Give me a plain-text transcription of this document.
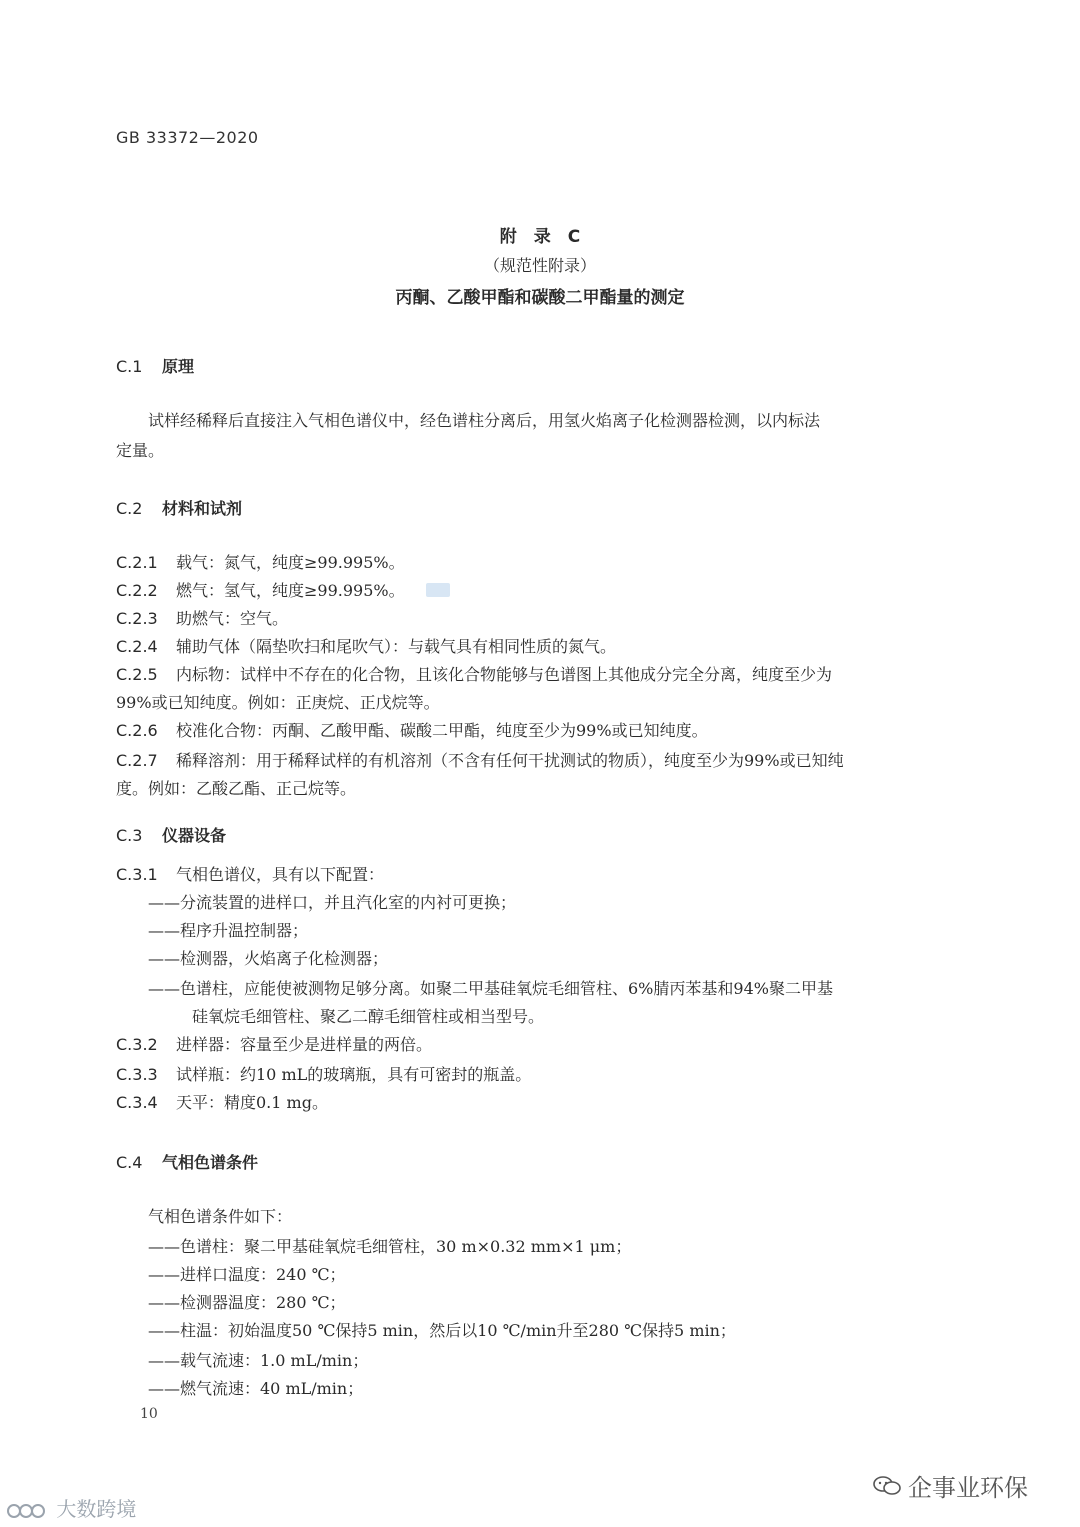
GB 33372—2020
附　录　C
（规范性附录）
丙酮、乙酸甲酯和碳酸二甲酯量的测定
C.1 原理
试样经稀释后直接注入气相色谱仪中，经色谱柱分离后，用氢火焰离子化检测器检测，以内标法
定量。
C.2 材料和试剂
C.2.1 载气：氮气，纯度≥99.995%。
C.2.2 燃气：氢气，纯度≥99.995%。
C.2.3 助燃气：空气。
C.2.4 辅助气体（隔垫吹扫和尾吹气）：与载气具有相同性质的氮气。
C.2.5 内标物：试样中不存在的化合物，且该化合物能够与色谱图上其他成分完全分离，纯度至少为
99%或已知纯度。例如：正庚烷、正戊烷等。
C.2.6 校准化合物：丙酮、乙酸甲酯、碳酸二甲酯，纯度至少为99%或已知纯度。
C.2.7 稀释溶剂：用于稀释试样的有机溶剂（不含有任何干扰测试的物质），纯度至少为99%或已知纯
度。例如：乙酸乙酯、正己烷等。
C.3 仪器设备
C.3.1 气相色谱仪，具有以下配置：
——分流装置的进样口，并且汽化室的内衬可更换；
——程序升温控制器；
——检测器，火焰离子化检测器；
——色谱柱，应能使被测物足够分离。如聚二甲基硅氧烷毛细管柱、6%腈丙苯基和94%聚二甲基
硅氧烷毛细管柱、聚乙二醇毛细管柱或相当型号。
C.3.2 进样器：容量至少是进样量的两倍。
C.3.3 试样瓶：约10 mL的玻璃瓶，具有可密封的瓶盖。
C.3.4 天平：精度0.1 mg。
C.4 气相色谱条件
气相色谱条件如下：
——色谱柱：聚二甲基硅氧烷毛细管柱，30 m×0.32 mm×1 μm；
——进样口温度：240 ℃；
——检测器温度：280 ℃；
——柱温：初始温度50 ℃保持5 min，然后以10 ℃/min升至280 ℃保持5 min；
——载气流速：1.0 mL/min；
——燃气流速：40 mL/min；
10
大数跨境
企事业环保
